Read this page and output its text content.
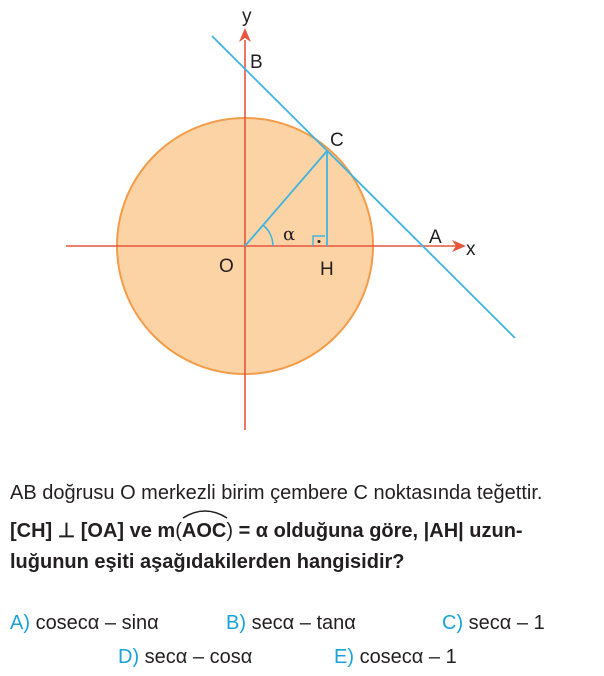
y
x
B
C
A
O	H
α
AB doğrusu O merkezli birim çembere C noktasında teğettir.
[CH] ⊥ [OA] ve m(
AOC) = α olduğuna göre, |AH| uzun-
luğunun eşiti aşağıdakilerden hangisidir?
A) cosecα – sinα	B) secα – tanα	C) secα – 1
D) secα – cosα	E) cosecα – 1
